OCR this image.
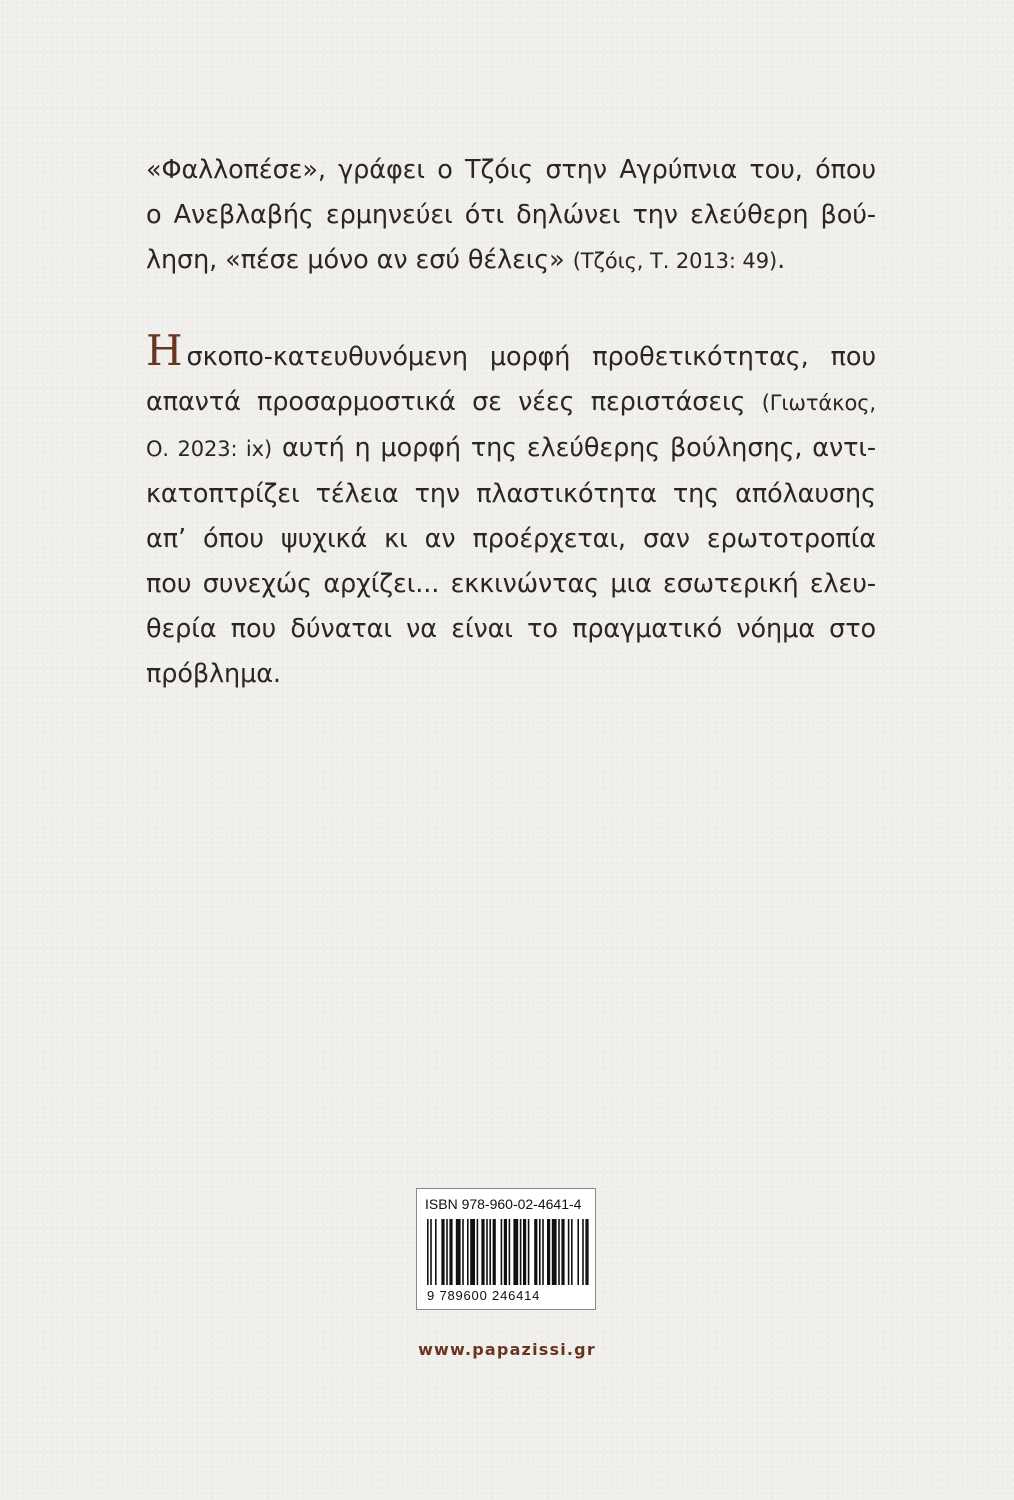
«Φαλλοπέσε», γράφει ο Τζόις στην Αγρύπνια του, όπου
ο Ανεβλαβής ερμηνεύει ότι δηλώνει την ελεύθερη βού-
ληση, «πέσε μόνο αν εσύ θέλεις» (Τζόις, Τ. 2013: 49).
Ησκοπο-κατευθυνόμενη μορφή προθετικότητας, που
απαντά προσαρμοστικά σε νέες περιστάσεις (Γιωτάκος,
Ο. 2023: ix) αυτή η μορφή της ελεύθερης βούλησης, αντι-
κατοπτρίζει τέλεια την πλαστικότητα της απόλαυσης
απ’ όπου ψυχικά κι αν προέρχεται, σαν ερωτοτροπία
που συνεχώς αρχίζει... εκκινώντας μια εσωτερική ελευ-
θερία που δύναται να είναι το πραγματικό νόημα στο
πρόβλημα.
ISBN 978-960-02-4641-4
9 789600 246414
www.papazissi.gr
